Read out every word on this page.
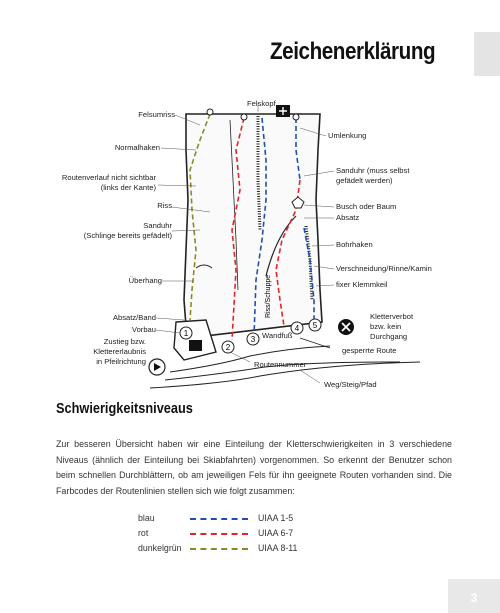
Zeichenerklärung
1
2
3
4 5
Riss/Schuppe
Felskopf
Felsumriss
Normalhaken
Routenverlauf nicht sichtbar
(links der Kante)
Riss
Sanduhr
(Schlinge bereits gefädelt)
Überhang
Absatz/Band
Vorbau
Zustieg bzw.
Klettererlaubnis
in Pfeilrichtung
Umlenkung
Sanduhr (muss selbst
gefädelt werden)
Busch oder Baum
Absatz
Bohrhaken
Verschneidung/Rinne/Kamin
fixer Klemmkeil
Kletterverbot
bzw. kein
Durchgang
gesperrte Route
Wandfuß
Routennummer
Weg/Steig/Pfad
Schwierigkeitsniveaus
Zur besseren Übersicht haben wir eine Einteilung der Kletterschwierigkeiten in 3 verschiedene Niveaus (ähnlich der Einteilung bei Skiabfahrten) vorgenommen. So erkennt der Benutzer schon beim schnellen Durchblättern, ob am jeweiligen Fels für ihn geeignete Routen vorhanden sind. Die Farbcodes der Routenlinien stellen sich wie folgt zusammen:
blau	UIAA 1-5
rot	UIAA 6-7
dunkelgrün	UIAA 8-11
3
